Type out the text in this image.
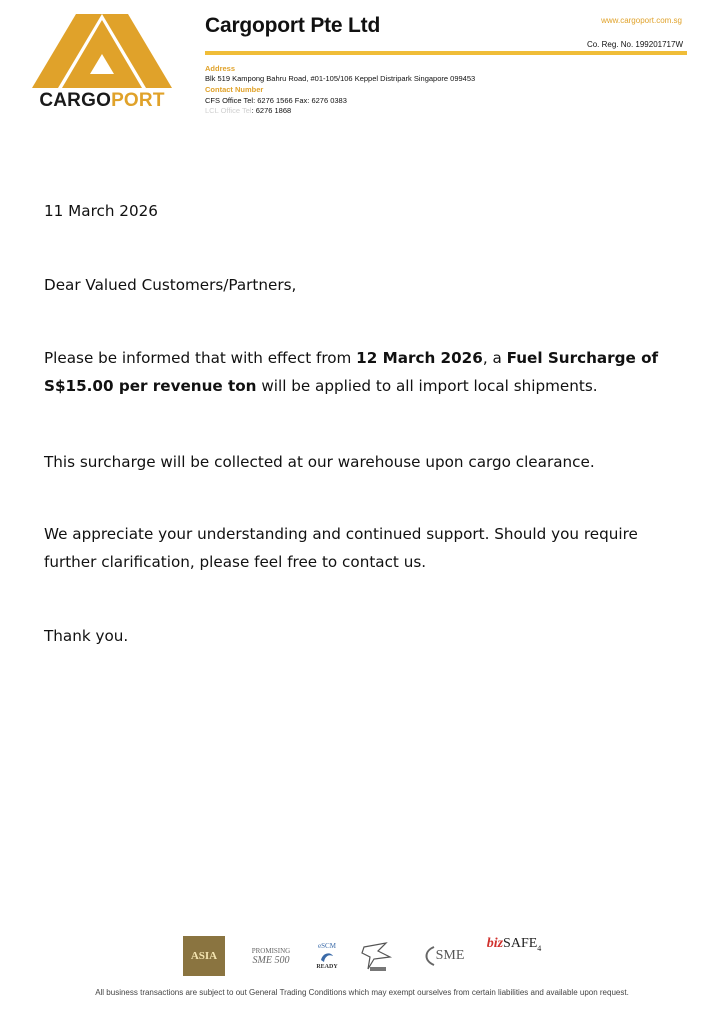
CARGOPORT
Cargoport Pte Ltd	www.cargoport.com.sg
Co. Reg. No. 199201717W
Address
Blk 519 Kampong Bahru Road, #01-105/106 Keppel Distripark Singapore 099453
Contact Number
CFS Office Tel: 6276 1566 Fax: 6276 0383
LCL Office Tel: 6276 1868
11 March 2026
Dear Valued Customers/Partners,
Please be informed that with effect from 12 March 2026, a Fuel Surcharge of S$15.00 per revenue ton will be applied to all import local shipments.
This surcharge will be collected at our warehouse upon cargo clearance.
We appreciate your understanding and continued support. Should you require further clarification, please feel free to contact us.
Thank you.
ASIA	PROMISING
SME 500
eSCM
READY
SME
biz SAFE 4
All business transactions are subject to out General Trading Conditions which may exempt ourselves from certain liabilities and available upon request.
